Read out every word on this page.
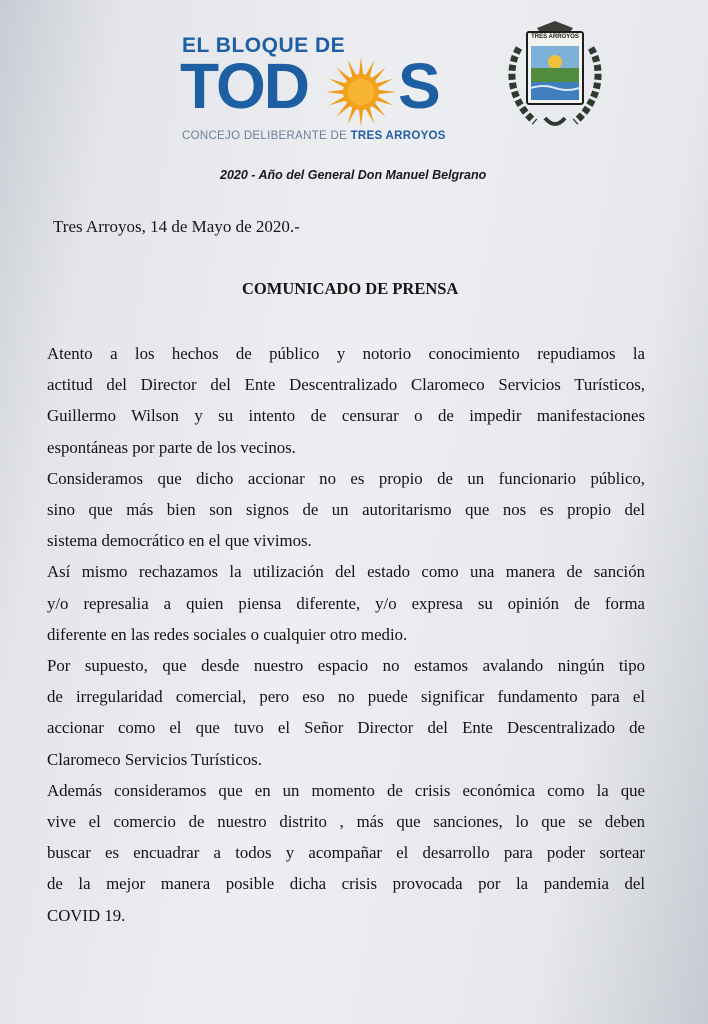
EL BLOQUE DE
TOD S
CONCEJO DELIBERANTE DE TRES ARROYOS
TRES ARROYOS
2020 - Año del General Don Manuel Belgrano
Tres Arroyos, 14 de Mayo de 2020.-
COMUNICADO DE PRENSA
Atento a los hechos de público y notorio conocimiento repudiamos la
actitud del Director del Ente Descentralizado Claromeco Servicios Turísticos,
Guillermo Wilson y su intento de censurar o de impedir manifestaciones
espontáneas por parte de los vecinos.
Consideramos que dicho accionar no es propio de un funcionario público,
sino que más bien son signos de un autoritarismo que nos es propio del
sistema democrático en el que vivimos.
Así mismo rechazamos la utilización del estado como una manera de sanción
y/o represalia a quien piensa diferente, y/o expresa su opinión de forma
diferente en las redes sociales o cualquier otro medio.
Por supuesto, que desde nuestro espacio no estamos avalando ningún tipo
de irregularidad comercial, pero eso no puede significar fundamento para el
accionar como el que tuvo el Señor Director del Ente Descentralizado de
Claromeco Servicios Turísticos.
Además consideramos que en un momento de crisis económica como la que
vive el comercio de nuestro distrito , más que sanciones, lo que se deben
buscar es encuadrar a todos y acompañar el desarrollo para poder sortear
de la mejor manera posible dicha crisis provocada por la pandemia del
COVID 19.
